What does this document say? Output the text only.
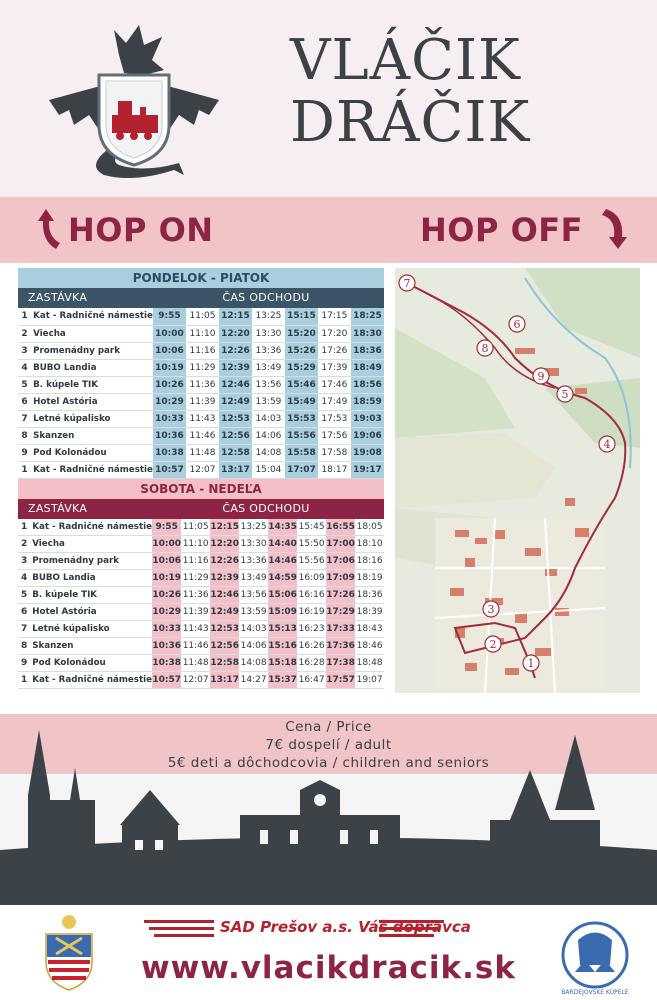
VLÁČIK
DRÁČIK
HOP ON	HOP OFF
PONDELOK - PIATOK
ZASTÁVKA	ČAS ODCHODU
1	Kat - Radničné námestie	9:55	11:05	12:15	13:25	15:15	17:15	18:25
2	Viecha	10:00	11:10	12:20	13:30	15:20	17:20	18:30
3	Promenádny park	10:06	11:16	12:26	13:36	15:26	17:26	18:36
4	BUBO Landia	10:19	11:29	12:39	13:49	15:29	17:39	18:49
5	B. kúpele TIK	10:26	11:36	12:46	13:56	15:46	17:46	18:56
6	Hotel Astória	10:29	11:39	12:49	13:59	15:49	17:49	18:59
7	Letné kúpalisko	10:33	11:43	12:53	14:03	15:53	17:53	19:03
8	Skanzen	10:36	11:46	12:56	14:06	15:56	17:56	19:06
9	Pod Kolonádou	10:38	11:48	12:58	14:08	15:58	17:58	19:08
1	Kat - Radničné námestie	10:57	12:07	13:17	15:04	17:07	18:17	19:17
SOBOTA - NEDEĽA
ZASTÁVKA	ČAS ODCHODU
1	Kat - Radničné námestie	9:55	11:05	12:15	13:25	14:35	15:45	16:55	18:05
2	Viecha	10:00	11:10	12:20	13:30	14:40	15:50	17:00	18:10
3	Promenádny park	10:06	11:16	12:26	13:36	14:46	15:56	17:06	18:16
4	BUBO Landia	10:19	11:29	12:39	13:49	14:59	16:09	17:09	18:19
5	B. kúpele TIK	10:26	11:36	12:46	13:56	15:06	16:16	17:26	18:36
6	Hotel Astória	10:29	11:39	12:49	13:59	15:09	16:19	17:29	18:39
7	Letné kúpalisko	10:33	11:43	12:53	14:03	15:13	16:23	17:33	18:43
8	Skanzen	10:36	11:46	12:56	14:06	15:16	16:26	17:36	18:46
9	Pod Kolonádou	10:38	11:48	12:58	14:08	15:18	16:28	17:38	18:48
1	Kat - Radničné námestie	10:57	12:07	13:17	14:27	15:37	16:47	17:57	19:07
7
6
8
9
5
4
3
2
1
Cena / Price
7€ dospelí / adult
5€ deti a dôchodcovia / children and seniors
SAD Prešov a.s. Váš dopravca
www.vlacikdracik.sk
BARDEJOVSKÉ KÚPELE
